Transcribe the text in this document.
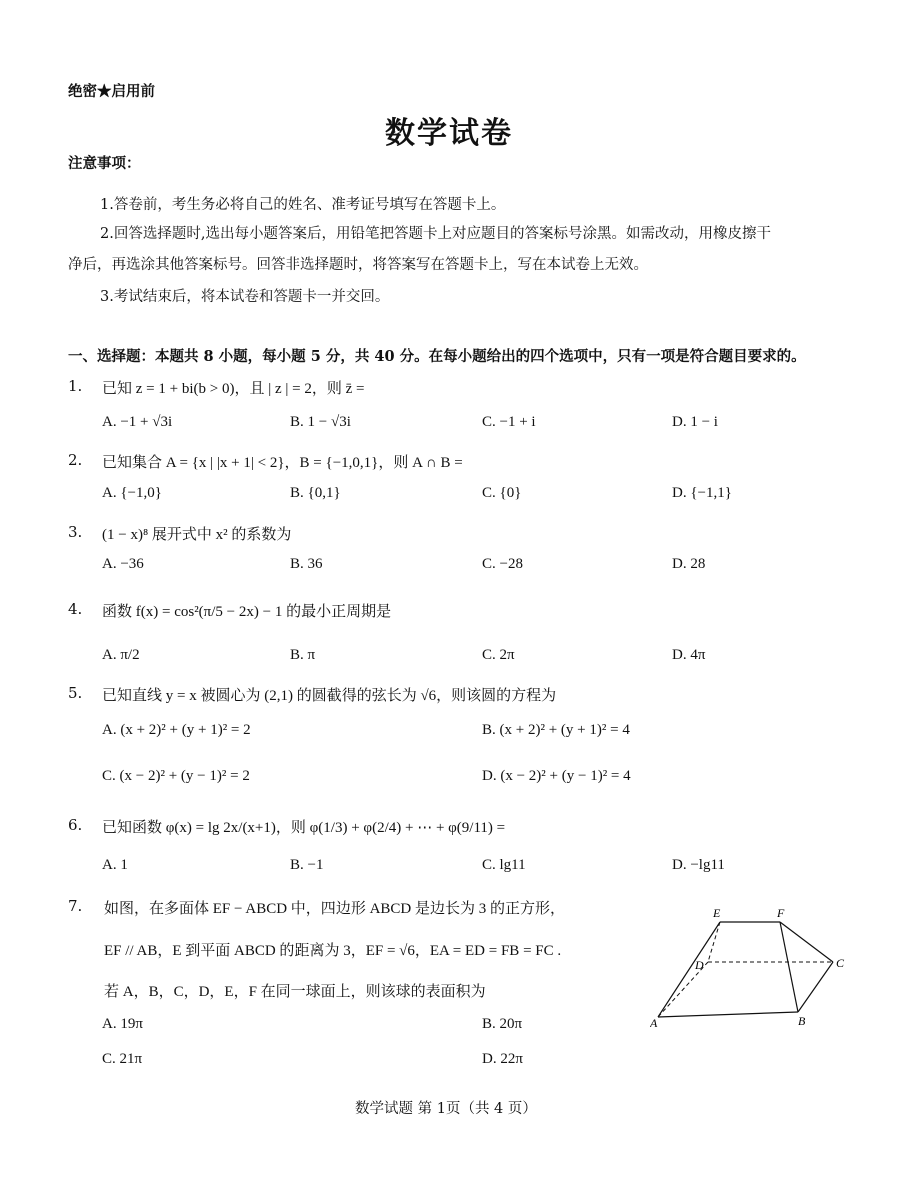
绝密★启用前
数学试卷
注意事项：
1.答卷前，考生务必将自己的姓名、准考证号填写在答题卡上。
2.回答选择题时,选出每小题答案后，用铅笔把答题卡上对应题目的答案标号涂黑。如需改动，用橡皮擦干
净后，再选涂其他答案标号。回答非选择题时，将答案写在答题卡上，写在本试卷上无效。
3.考试结束后，将本试卷和答题卡一并交回。
一、选择题：本题共 8 小题，每小题 5 分，共 40 分。在每小题给出的四个选项中，只有一项是符合题目要求的。
1. 已知 z = 1 + bi(b > 0)，且 | z | = 2，则 z̄ =
A. −1 + √3i	B. 1 − √3i	C. −1 + i	D. 1 − i
2. 已知集合 A = {x | |x + 1| < 2}，B = {−1,0,1}，则 A ∩ B =
A. {−1,0}	B. {0,1}	C. {0}	D. {−1,1}
3. (1 − x)⁸ 展开式中 x² 的系数为
A. −36	B. 36	C. −28	D. 28
4. 函数 f(x) = cos²(π/5 − 2x) − 1 的最小正周期是
A. π/2	B. π	C. 2π	D. 4π
5. 已知直线 y = x 被圆心为 (2,1) 的圆截得的弦长为 √6，则该圆的方程为
A. (x + 2)² + (y + 1)² = 2	B. (x + 2)² + (y + 1)² = 4
C. (x − 2)² + (y − 1)² = 2	D. (x − 2)² + (y − 1)² = 4
6. 已知函数 φ(x) = lg 2x/(x+1)，则 φ(1/3) + φ(2/4) + ⋯ + φ(9/11) =
A. 1	B. −1	C. lg11	D. −lg11
7. 如图，在多面体 EF − ABCD 中，四边形 ABCD 是边长为 3 的正方形，
EF // AB，E 到平面 ABCD 的距离为 3，EF = √6，EA = ED = FB = FC .
若 A，B，C，D，E，F 在同一球面上，则该球的表面积为
A. 19π	B. 20π
C. 21π	D. 22π
E	F
D	C
A	B
数学试题 第 1页（共 4 页）
